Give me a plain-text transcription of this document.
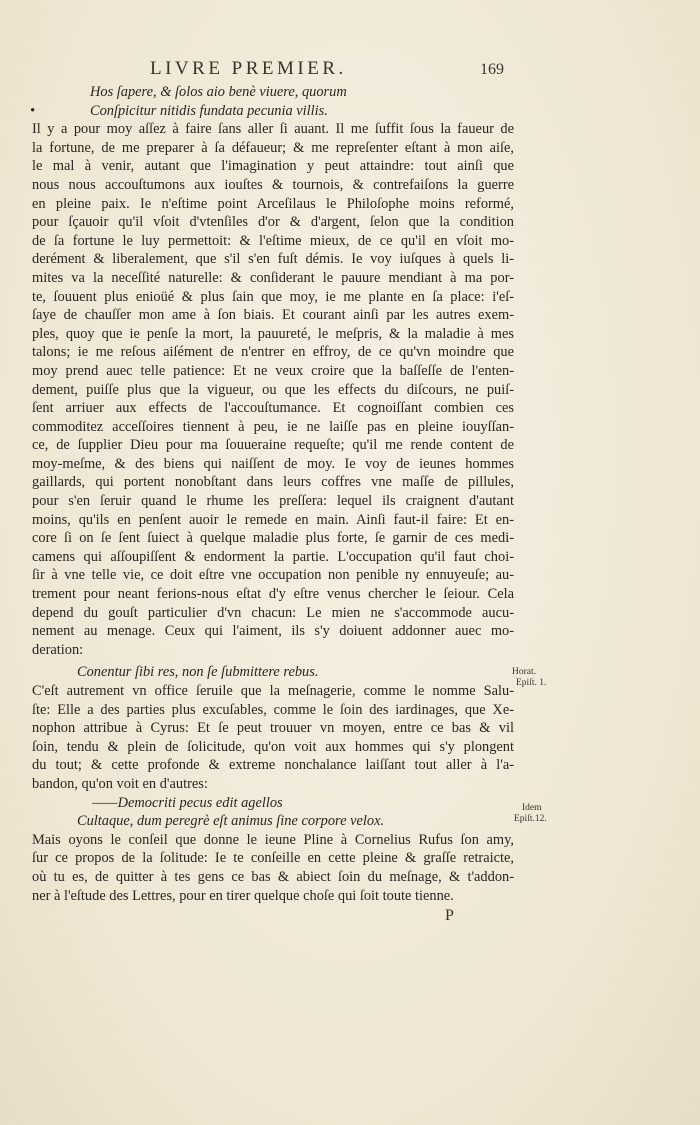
LIVRE PREMIER.	169
Hos ſapere, & ſolos aio benè viuere, quorum
•	Conſpicitur nitidis fundata pecunia villis.
Il y a pour moy aſſez à faire ſans aller ſi auant. Il me ſuffit ſous la faueur de
la fortune, de me preparer à ſa défaueur; & me repreſenter eſtant à mon aiſe,
le mal à venir, autant que l'imagination y peut attaindre: tout ainſi que
nous nous accouſtumons aux iouſtes & tournois, & contrefaiſons la guerre
en pleine paix. Ie n'eſtime point Arceſilaus le Philoſophe moins reformé,
pour ſçauoir qu'il vſoit d'vtenſiles d'or & d'argent, ſelon que la condition
de ſa fortune le luy permettoit: & l'eſtime mieux, de ce qu'il en vſoit mo-
derément & liberalement, que s'il s'en fuſt démis. Ie voy iuſques à quels li-
mites va la neceſſité naturelle: & conſiderant le pauure mendiant à ma por-
te, ſouuent plus enioüé & plus ſain que moy, ie me plante en ſa place: i'eſ-
ſaye de chauſſer mon ame à ſon biais. Et courant ainſi par les autres exem-
ples, quoy que ie penſe la mort, la pauureté, le meſpris, & la maladie à mes
talons; ie me reſous aiſément de n'entrer en effroy, de ce qu'vn moindre que
moy prend auec telle patience: Et ne veux croire que la baſſeſſe de l'enten-
dement, puiſſe plus que la vigueur, ou que les effects du diſcours, ne puiſ-
ſent arriuer aux effects de l'accouſtumance. Et cognoiſſant combien ces
commoditez acceſſoires tiennent à peu, ie ne laiſſe pas en pleine iouyſſan-
ce, de ſupplier Dieu pour ma ſouueraine requeſte; qu'il me rende content de
moy-meſme, & des biens qui naiſſent de moy. Ie voy de ieunes hommes
gaillards, qui portent nonobſtant dans leurs coffres vne maſſe de pillules,
pour s'en ſeruir quand le rhume les preſſera: lequel ils craignent d'autant
moins, qu'ils en penſent auoir le remede en main. Ainſi faut-il faire: Et en-
core ſi on ſe ſent ſuiect à quelque maladie plus forte, ſe garnir de ces medi-
camens qui aſſoupiſſent & endorment la partie. L'occupation qu'il faut choi-
ſir à vne telle vie, ce doit eſtre vne occupation non penible ny ennuyeuſe; au-
trement pour neant ferions-nous eſtat d'y eſtre venus chercher le ſeiour. Cela
depend du gouſt particulier d'vn chacun: Le mien ne s'accommode aucu-
nement au menage. Ceux qui l'aiment, ils s'y doiuent addonner auec mo-
deration:
Conentur ſibi res, non ſe ſubmittere rebus.
C'eſt autrement vn office ſeruile que la meſnagerie, comme le nomme Salu-
ſte: Elle a des parties plus excuſables, comme le ſoin des iardinages, que Xe-
nophon attribue à Cyrus: Et ſe peut trouuer vn moyen, entre ce bas & vil
ſoin, tendu & plein de ſolicitude, qu'on voit aux hommes qui s'y plongent
du tout; & cette profonde & extreme nonchalance laiſſant tout aller à l'a-
bandon, qu'on voit en d'autres:
——Democriti pecus edit agellos
Cultaque, dum peregrè eſt animus ſine corpore velox.
Mais oyons le conſeil que donne le ieune Pline à Cornelius Rufus ſon amy,
ſur ce propos de la ſolitude: Ie te conſeille en cette pleine & graſſe retraicte,
où tu es, de quitter à tes gens ce bas & abiect ſoin du meſnage, & t'addon-
ner à l'eſtude des Lettres, pour en tirer quelque choſe qui ſoit toute tienne.
Horat.
Epiſt. 1.
Idem
Epiſt.12.
P
